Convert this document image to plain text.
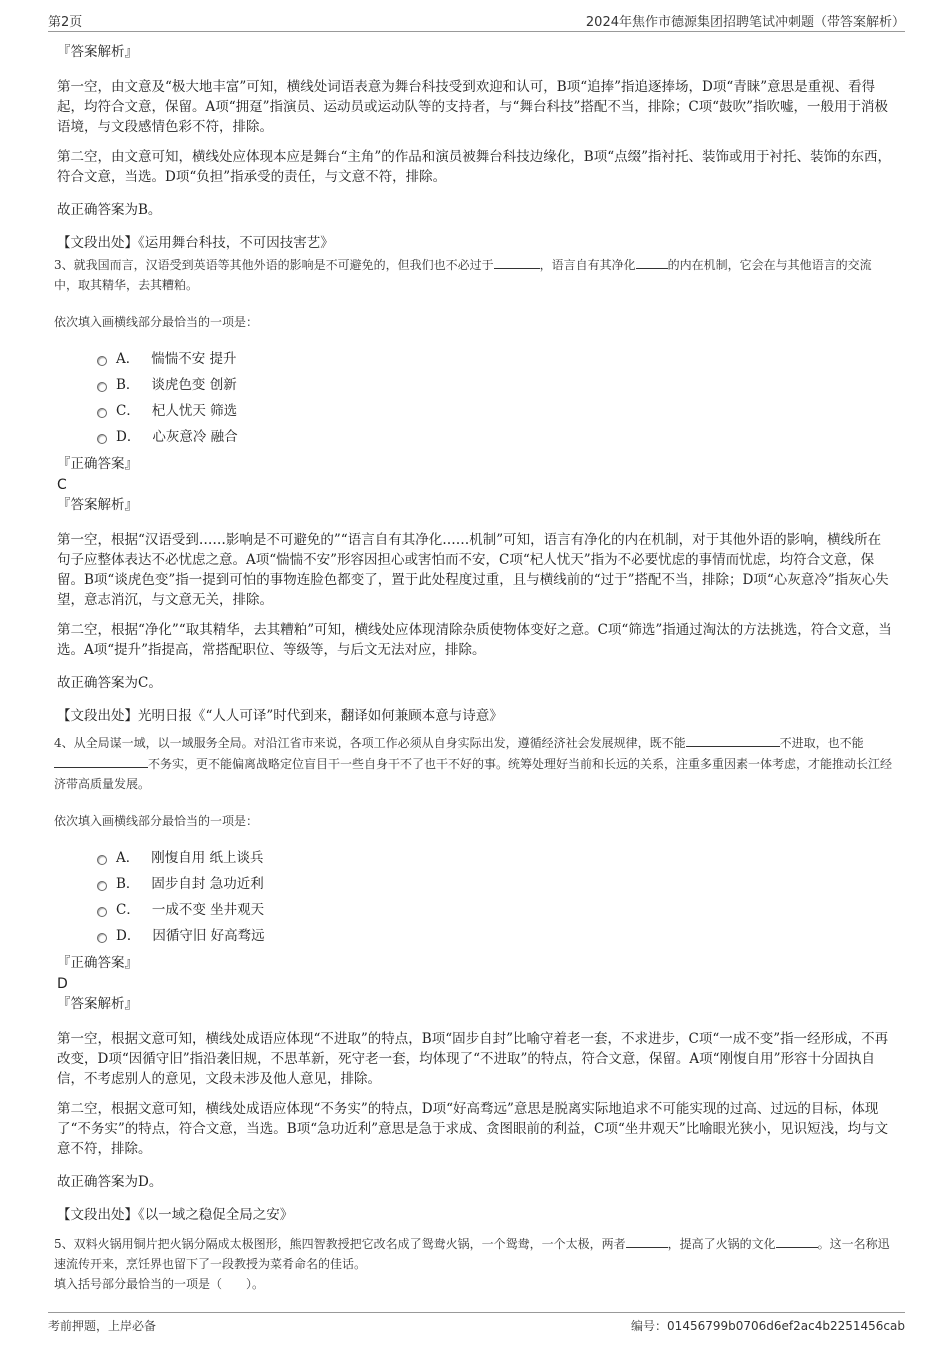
第2页	2024年焦作市德源集团招聘笔试冲刺题（带答案解析）
『答案解析』

第一空，由文意及“极大地丰富”可知，横线处词语表意为舞台科技受到欢迎和认可，B项“追捧”指追逐捧场，D项“青睐”意思是重视、看得起，均符合文意，保留。A项“拥趸”指演员、运动员或运动队等的支持者，与“舞台科技”搭配不当，排除；C项“鼓吹”指吹嘘，一般用于消极语境，与文段感情色彩不符，排除。

第二空，由文意可知，横线处应体现本应是舞台“主角”的作品和演员被舞台科技边缘化，B项“点缀”指衬托、装饰或用于衬托、装饰的东西，符合文意，当选。D项“负担”指承受的责任，与文意不符，排除。

故正确答案为B。

【文段出处】《运用舞台科技，不可因技害艺》

3、就我国而言，汉语受到英语等其他外语的影响是不可避免的，但我们也不必过于	，语言自有其净化	的内在机制，它会在与其他语言的交流中，取其精华，去其糟粕。
依次填入画横线部分最恰当的一项是：
A． 惴惴不安 提升
B． 谈虎色变 创新
C． 杞人忧天 筛选
D． 心灰意冷 融合
『正确答案』
C
『答案解析』

第一空，根据“汉语受到……影响是不可避免的”“语言自有其净化……机制”可知，语言有净化的内在机制，对于其他外语的影响，横线所在句子应整体表达不必忧虑之意。A项“惴惴不安”形容因担心或害怕而不安，C项“杞人忧天”指为不必要忧虑的事情而忧虑，均符合文意，保留。B项“谈虎色变”指一提到可怕的事物连脸色都变了，置于此处程度过重，且与横线前的“过于”搭配不当，排除；D项“心灰意冷”指灰心失望，意志消沉，与文意无关，排除。

第二空，根据“净化”“取其精华，去其糟粕”可知，横线处应体现清除杂质使物体变好之意。C项“筛选”指通过淘汰的方法挑选，符合文意，当选。A项“提升”指提高，常搭配职位、等级等，与后文无法对应，排除。

故正确答案为C。

【文段出处】光明日报《“人人可译”时代到来，翻译如何兼顾本意与诗意》

4、从全局谋一域，以一域服务全局。对沿江省市来说，各项工作必须从自身实际出发，遵循经济社会发展规律，既不能	不进取，也不能不务实，更不能偏离战略定位盲目干一些自身干不了也干不好的事。统筹处理好当前和长远的关系，注重多重因素一体考虑，才能推动长江经济带高质量发展。
依次填入画横线部分最恰当的一项是：
A． 刚愎自用 纸上谈兵
B． 固步自封 急功近利
C． 一成不变 坐井观天
D． 因循守旧 好高骛远
『正确答案』
D
『答案解析』

第一空，根据文意可知，横线处成语应体现“不进取”的特点，B项“固步自封”比喻守着老一套，不求进步，C项“一成不变”指一经形成，不再改变，D项“因循守旧”指沿袭旧规，不思革新，死守老一套，均体现了“不进取”的特点，符合文意，保留。A项“刚愎自用”形容十分固执自信，不考虑别人的意见，文段未涉及他人意见，排除。

第二空，根据文意可知，横线处成语应体现“不务实”的特点，D项“好高骛远”意思是脱离实际地追求不可能实现的过高、过远的目标，体现了“不务实”的特点，符合文意，当选。B项“急功近利”意思是急于求成、贪图眼前的利益，C项“坐井观天”比喻眼光狭小，见识短浅，均与文意不符，排除。

故正确答案为D。

【文段出处】《以一域之稳促全局之安》

5、双料火锅用铜片把火锅分隔成太极图形，熊四智教授把它改名成了鸳鸯火锅，一个鸳鸯，一个太极，两者	，提高了火锅的文化	。这一名称迅速流传开来，烹饪界也留下了一段教授为菜肴命名的佳话。
填入括号部分最恰当的一项是（　　）。
考前押题，上岸必备	编号：01456799b0706d6ef2ac4b2251456cab
